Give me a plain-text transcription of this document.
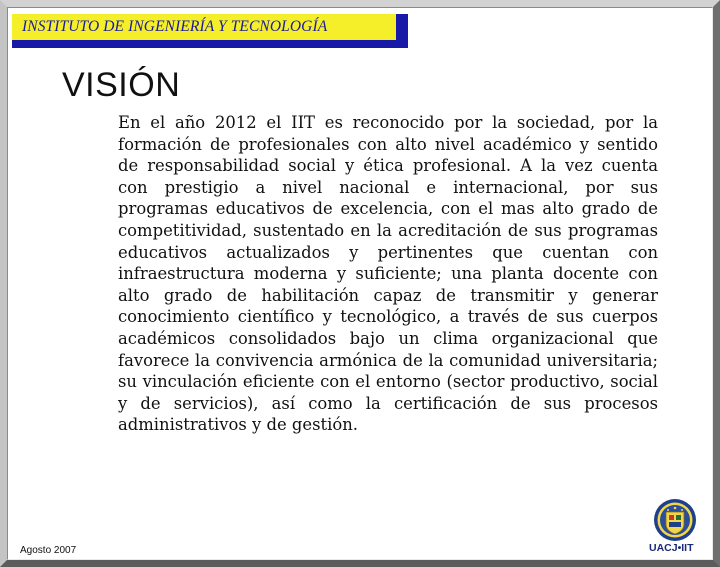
INSTITUTO DE INGENIERÍA Y TECNOLOGÍA
VISIÓN

En el año 2012 el IIT es reconocido por la sociedad, por la formación de profesionales con alto nivel académico y sentido de responsabilidad social y ética profesional. A la vez cuenta con prestigio a nivel nacional e internacional, por sus programas educativos de excelencia, con el mas alto grado de competitividad, sustentado en la acreditación de sus programas educativos actualizados y pertinentes que cuentan con infraestructura moderna y suficiente; una planta docente con alto grado de habilitación capaz de transmitir y generar conocimiento científico y tecnológico, a través de sus cuerpos académicos consolidados bajo un clima organizacional que favorece la convivencia armónica de la comunidad universitaria; su vinculación eficiente con el entorno (sector productivo, social y de servicios), así como la certificación de sus procesos administrativos y de gestión.

Agosto 2007	UACJ•IIT
